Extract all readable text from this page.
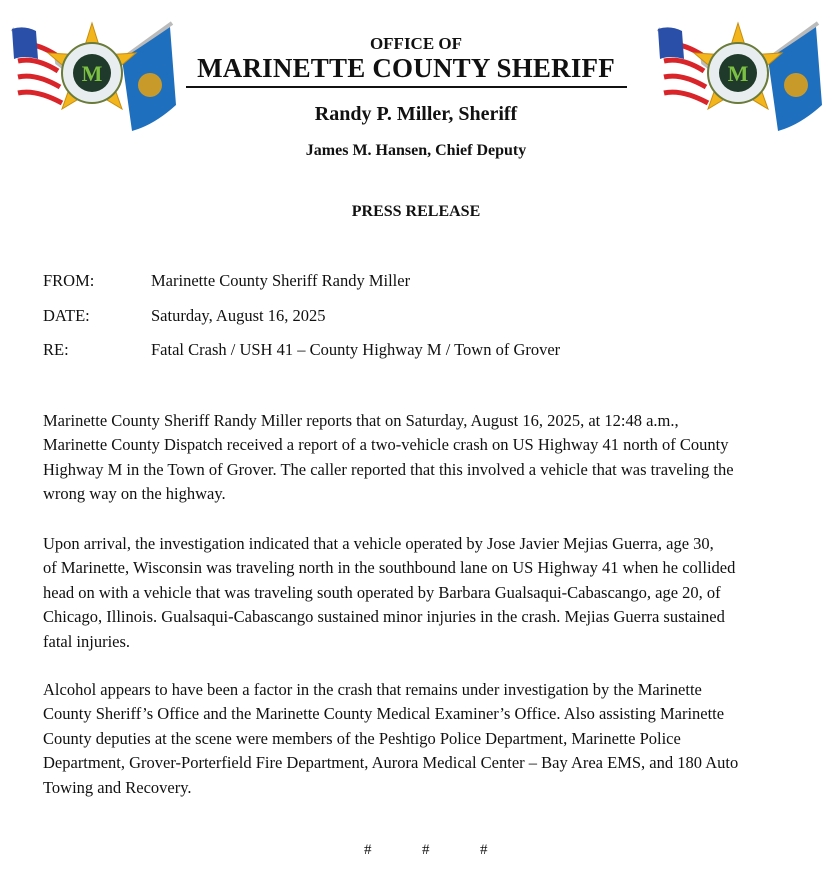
M	M
OFFICE OF
MARINETTE COUNTY SHERIFF
Randy P. Miller, Sheriff
James M. Hansen, Chief Deputy
PRESS RELEASE
FROM:	Marinette County Sheriff Randy Miller
DATE:	Saturday, August 16, 2025
RE:	Fatal Crash / USH 41 – County Highway M / Town of Grover

Marinette County Sheriff Randy Miller reports that on Saturday, August 16, 2025, at 12:48 a.m.,
Marinette County Dispatch received a report of a two-vehicle crash on US Highway 41 north of County
Highway M in the Town of Grover. The caller reported that this involved a vehicle that was traveling the
wrong way on the highway.

Upon arrival, the investigation indicated that a vehicle operated by Jose Javier Mejias Guerra, age 30,
of Marinette, Wisconsin was traveling north in the southbound lane on US Highway 41 when he collided
head on with a vehicle that was traveling south operated by Barbara Gualsaqui-Cabascango, age 20, of
Chicago, Illinois. Gualsaqui-Cabascango sustained minor injuries in the crash. Mejias Guerra sustained
fatal injuries.

Alcohol appears to have been a factor in the crash that remains under investigation by the Marinette
County Sheriff’s Office and the Marinette County Medical Examiner’s Office. Also assisting Marinette
County deputies at the scene were members of the Peshtigo Police Department, Marinette Police
Department, Grover-Porterfield Fire Department, Aurora Medical Center – Bay Area EMS, and 180 Auto
Towing and Recovery.

#	#	#
